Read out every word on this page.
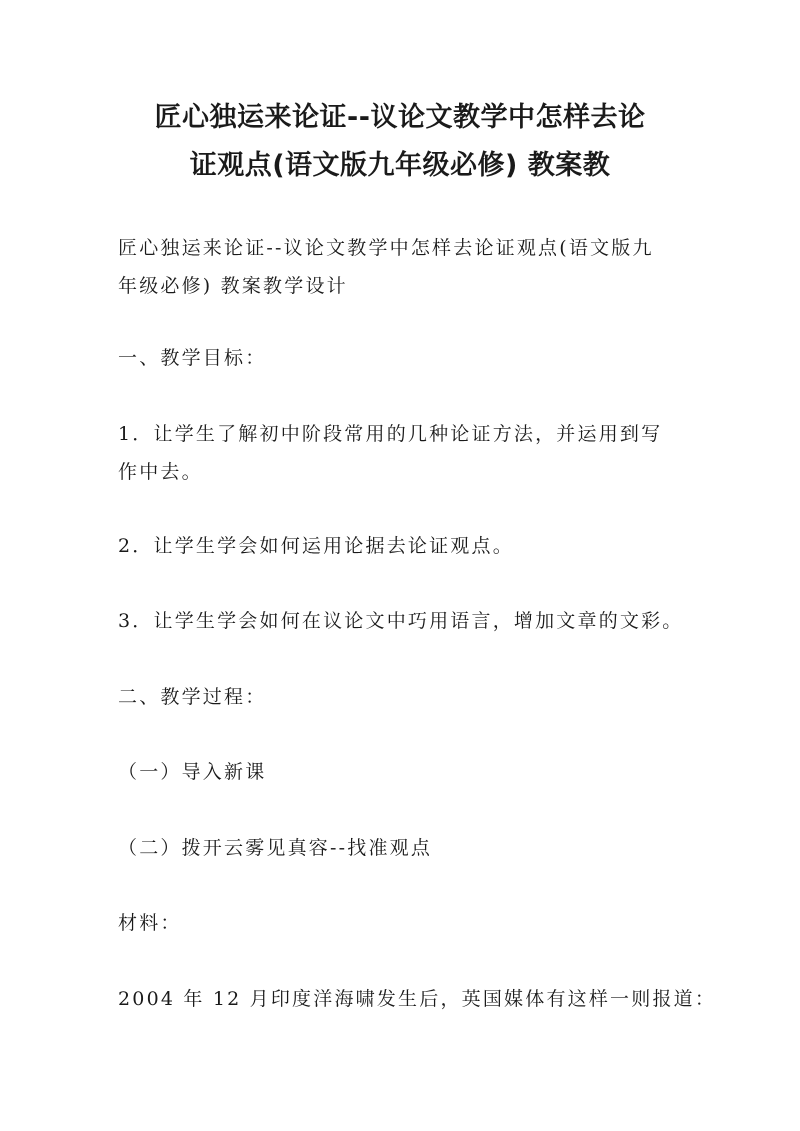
匠心独运来论证--议论文教学中怎样去论
证观点(语文版九年级必修) 教案教

匠心独运来论证--议论文教学中怎样去论证观点(语文版九
年级必修) 教案教学设计

一、教学目标：

1．让学生了解初中阶段常用的几种论证方法，并运用到写
作中去。

2．让学生学会如何运用论据去论证观点。

3．让学生学会如何在议论文中巧用语言，增加文章的文彩。

二、教学过程：

（一）导入新课

（二）拨开云雾见真容--找准观点

材料：

2004 年 12 月印度洋海啸发生后，英国媒体有这样一则报道：
